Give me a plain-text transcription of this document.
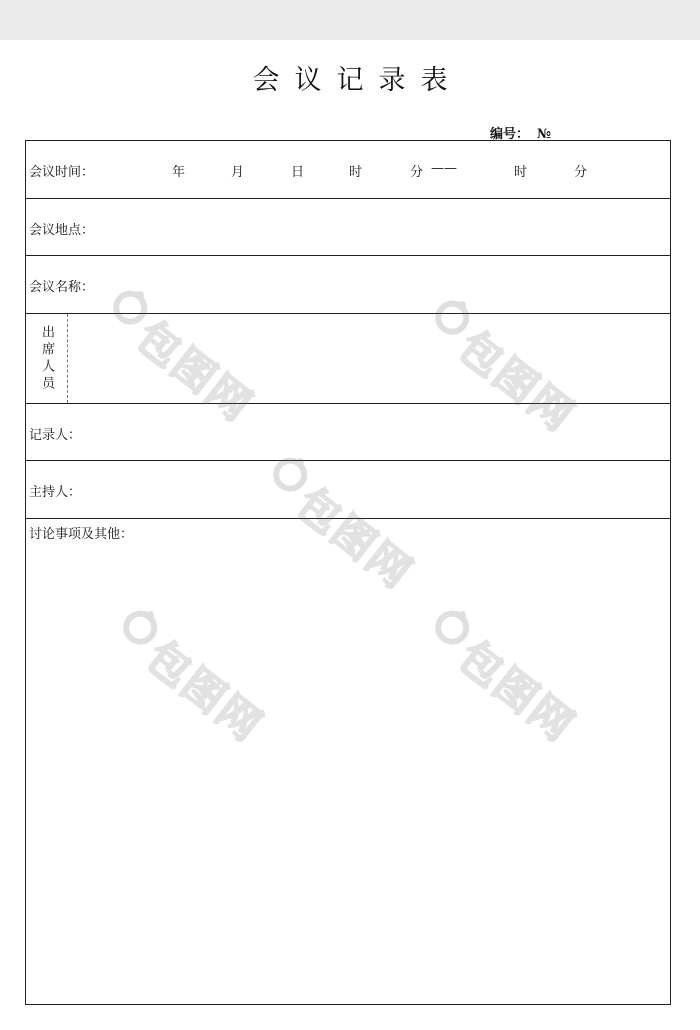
会议记录表
编号： №
会议时间：	年	月	日	时	分 ——	时	分
会议地点：
会议名称：
出席人员
记录人：
主持人：
讨论事项及其他：
包图网	包图网
包图网
包图网	包图网
